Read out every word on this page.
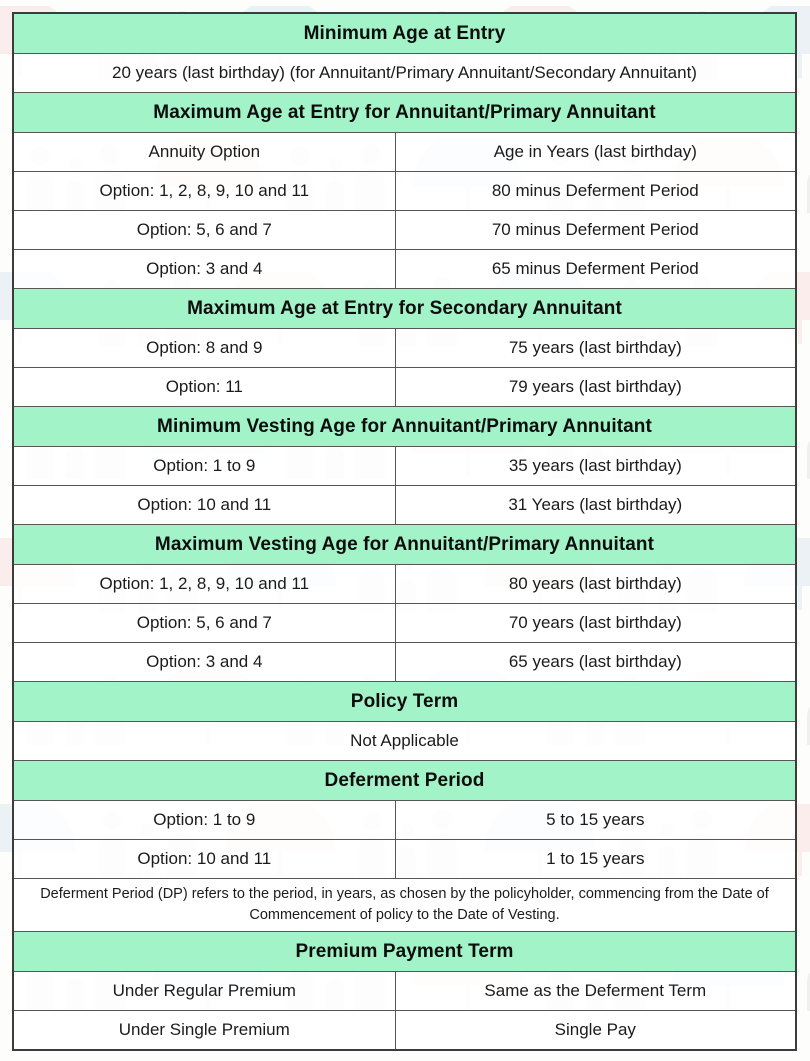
Minimum Age at Entry	
20 years (last birthday) (for Annuitant/Primary Annuitant/Secondary Annuitant)	
Maximum Age at Entry for Annuitant/Primary Annuitant	
Annuity Option	Age in Years (last birthday)
Option: 1, 2, 8, 9, 10 and 11	80 minus Deferment Period
Option: 5, 6 and 7	70 minus Deferment Period
Option: 3 and 4	65 minus Deferment Period
Maximum Age at Entry for Secondary Annuitant	
Option: 8 and 9	75 years (last birthday)
Option: 11	79 years (last birthday)
Minimum Vesting Age for Annuitant/Primary Annuitant	
Option: 1 to 9	35 years (last birthday)
Option: 10 and 11	31 Years (last birthday)
Maximum Vesting Age for Annuitant/Primary Annuitant	
Option: 1, 2, 8, 9, 10 and 11	80 years (last birthday)
Option: 5, 6 and 7	70 years (last birthday)
Option: 3 and 4	65 years (last birthday)
Policy Term	
Not Applicable	
Deferment Period	
Option: 1 to 9	5 to 15 years
Option: 10 and 11	1 to 15 years
Deferment Period (DP) refers to the period, in years, as chosen by the policyholder, commencing from the Date of Commencement of policy to the Date of Vesting.	
Premium Payment Term	
Under Regular Premium	Same as the Deferment Term
Under Single Premium	Single Pay
